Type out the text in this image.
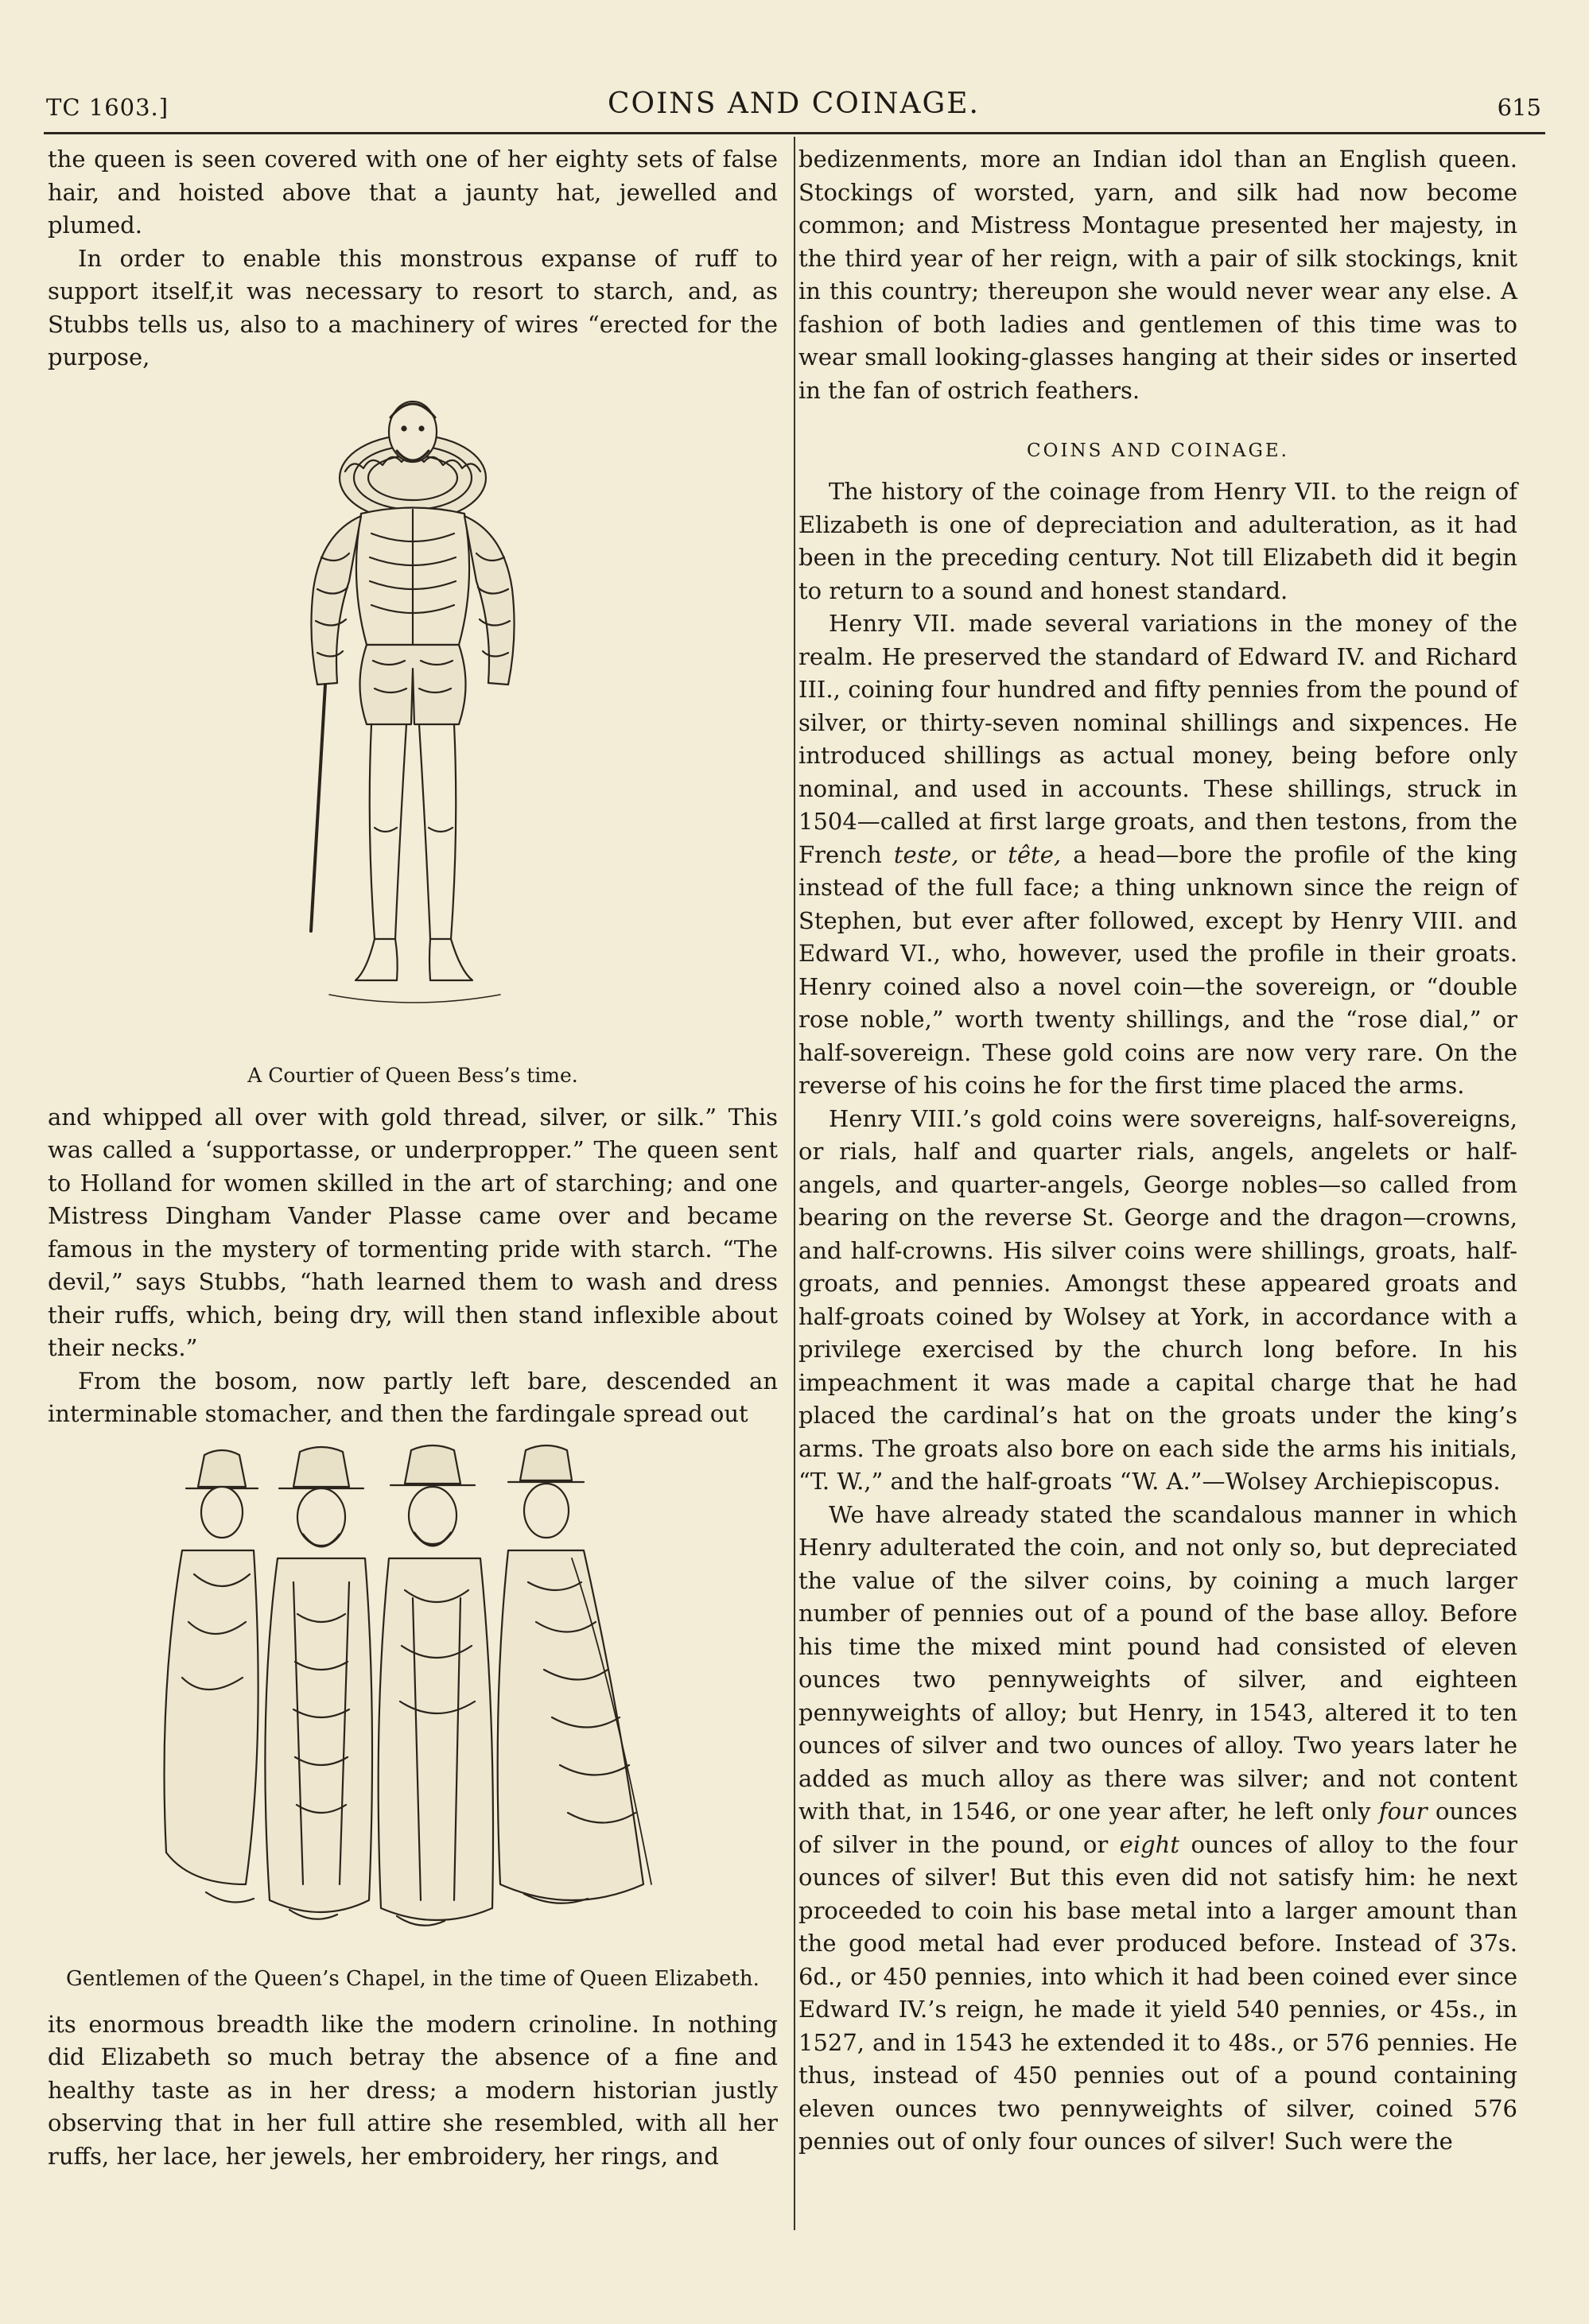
TC 1603.]	COINS AND COINAGE.	615

the queen is seen covered with one of her eighty sets of false hair, and hoisted above that a jaunty hat, jewelled and plumed.

In order to enable this monstrous expanse of ruff to support itself,it was necessary to resort to starch, and, as Stubbs tells us, also to a machinery of wires “erected for the purpose,

A Courtier of Queen Bess’s time.

and whipped all over with gold thread, silver, or silk.” This was called a ‘supportasse, or underpropper.” The queen sent to Holland for women skilled in the art of starching; and one Mistress Dingham Vander Plasse came over and became famous in the mystery of tormenting pride with starch. “The devil,” says Stubbs, “hath learned them to wash and dress their ruffs, which, being dry, will then stand inflexible about their necks.”

From the bosom, now partly left bare, descended an interminable stomacher, and then the fardingale spread out

Gentlemen of the Queen’s Chapel, in the time of Queen Elizabeth.

its enormous breadth like the modern crinoline. In nothing did Elizabeth so much betray the absence of a fine and healthy taste as in her dress; a modern historian justly observing that in her full attire she resembled, with all her ruffs, her lace, her jewels, her embroidery, her rings, and

bedizenments, more an Indian idol than an English queen. Stockings of worsted, yarn, and silk had now become common; and Mistress Montague presented her majesty, in the third year of her reign, with a pair of silk stockings, knit in this country; thereupon she would never wear any else. A fashion of both ladies and gentlemen of this time was to wear small looking-glasses hanging at their sides or inserted in the fan of ostrich feathers.

COINS AND COINAGE.

The history of the coinage from Henry VII. to the reign of Elizabeth is one of depreciation and adulteration, as it had been in the preceding century. Not till Elizabeth did it begin to return to a sound and honest standard.

Henry VII. made several variations in the money of the realm. He preserved the standard of Edward IV. and Richard III., coining four hundred and fifty pennies from the pound of silver, or thirty-seven nominal shillings and sixpences. He introduced shillings as actual money, being before only nominal, and used in accounts. These shillings, struck in 1504—called at first large groats, and then testons, from the French teste, or tête, a head—bore the profile of the king instead of the full face; a thing unknown since the reign of Stephen, but ever after followed, except by Henry VIII. and Edward VI., who, however, used the profile in their groats. Henry coined also a novel coin—the sovereign, or “double rose noble,” worth twenty shillings, and the “rose dial,” or half-sovereign. These gold coins are now very rare. On the reverse of his coins he for the first time placed the arms.

Henry VIII.’s gold coins were sovereigns, half-sovereigns, or rials, half and quarter rials, angels, angelets or half-angels, and quarter-angels, George nobles—so called from bearing on the reverse St. George and the dragon—crowns, and half-crowns. His silver coins were shillings, groats, half-groats, and pennies. Amongst these appeared groats and half-groats coined by Wolsey at York, in accordance with a privilege exercised by the church long before. In his impeachment it was made a capital charge that he had placed the cardinal’s hat on the groats under the king’s arms. The groats also bore on each side the arms his initials, “T. W.,” and the half-groats “W. A.”—Wolsey Archiepiscopus.

We have already stated the scandalous manner in which Henry adulterated the coin, and not only so, but depreciated the value of the silver coins, by coining a much larger number of pennies out of a pound of the base alloy. Before his time the mixed mint pound had consisted of eleven ounces two pennyweights of silver, and eighteen pennyweights of alloy; but Henry, in 1543, altered it to ten ounces of silver and two ounces of alloy. Two years later he added as much alloy as there was silver; and not content with that, in 1546, or one year after, he left only four ounces of silver in the pound, or eight ounces of alloy to the four ounces of silver! But this even did not satisfy him: he next proceeded to coin his base metal into a larger amount than the good metal had ever produced before. Instead of 37s. 6d., or 450 pennies, into which it had been coined ever since Edward IV.’s reign, he made it yield 540 pennies, or 45s., in 1527, and in 1543 he extended it to 48s., or 576 pennies. He thus, instead of 450 pennies out of a pound containing eleven ounces two pennyweights of silver, coined 576 pennies out of only four ounces of silver! Such were the
